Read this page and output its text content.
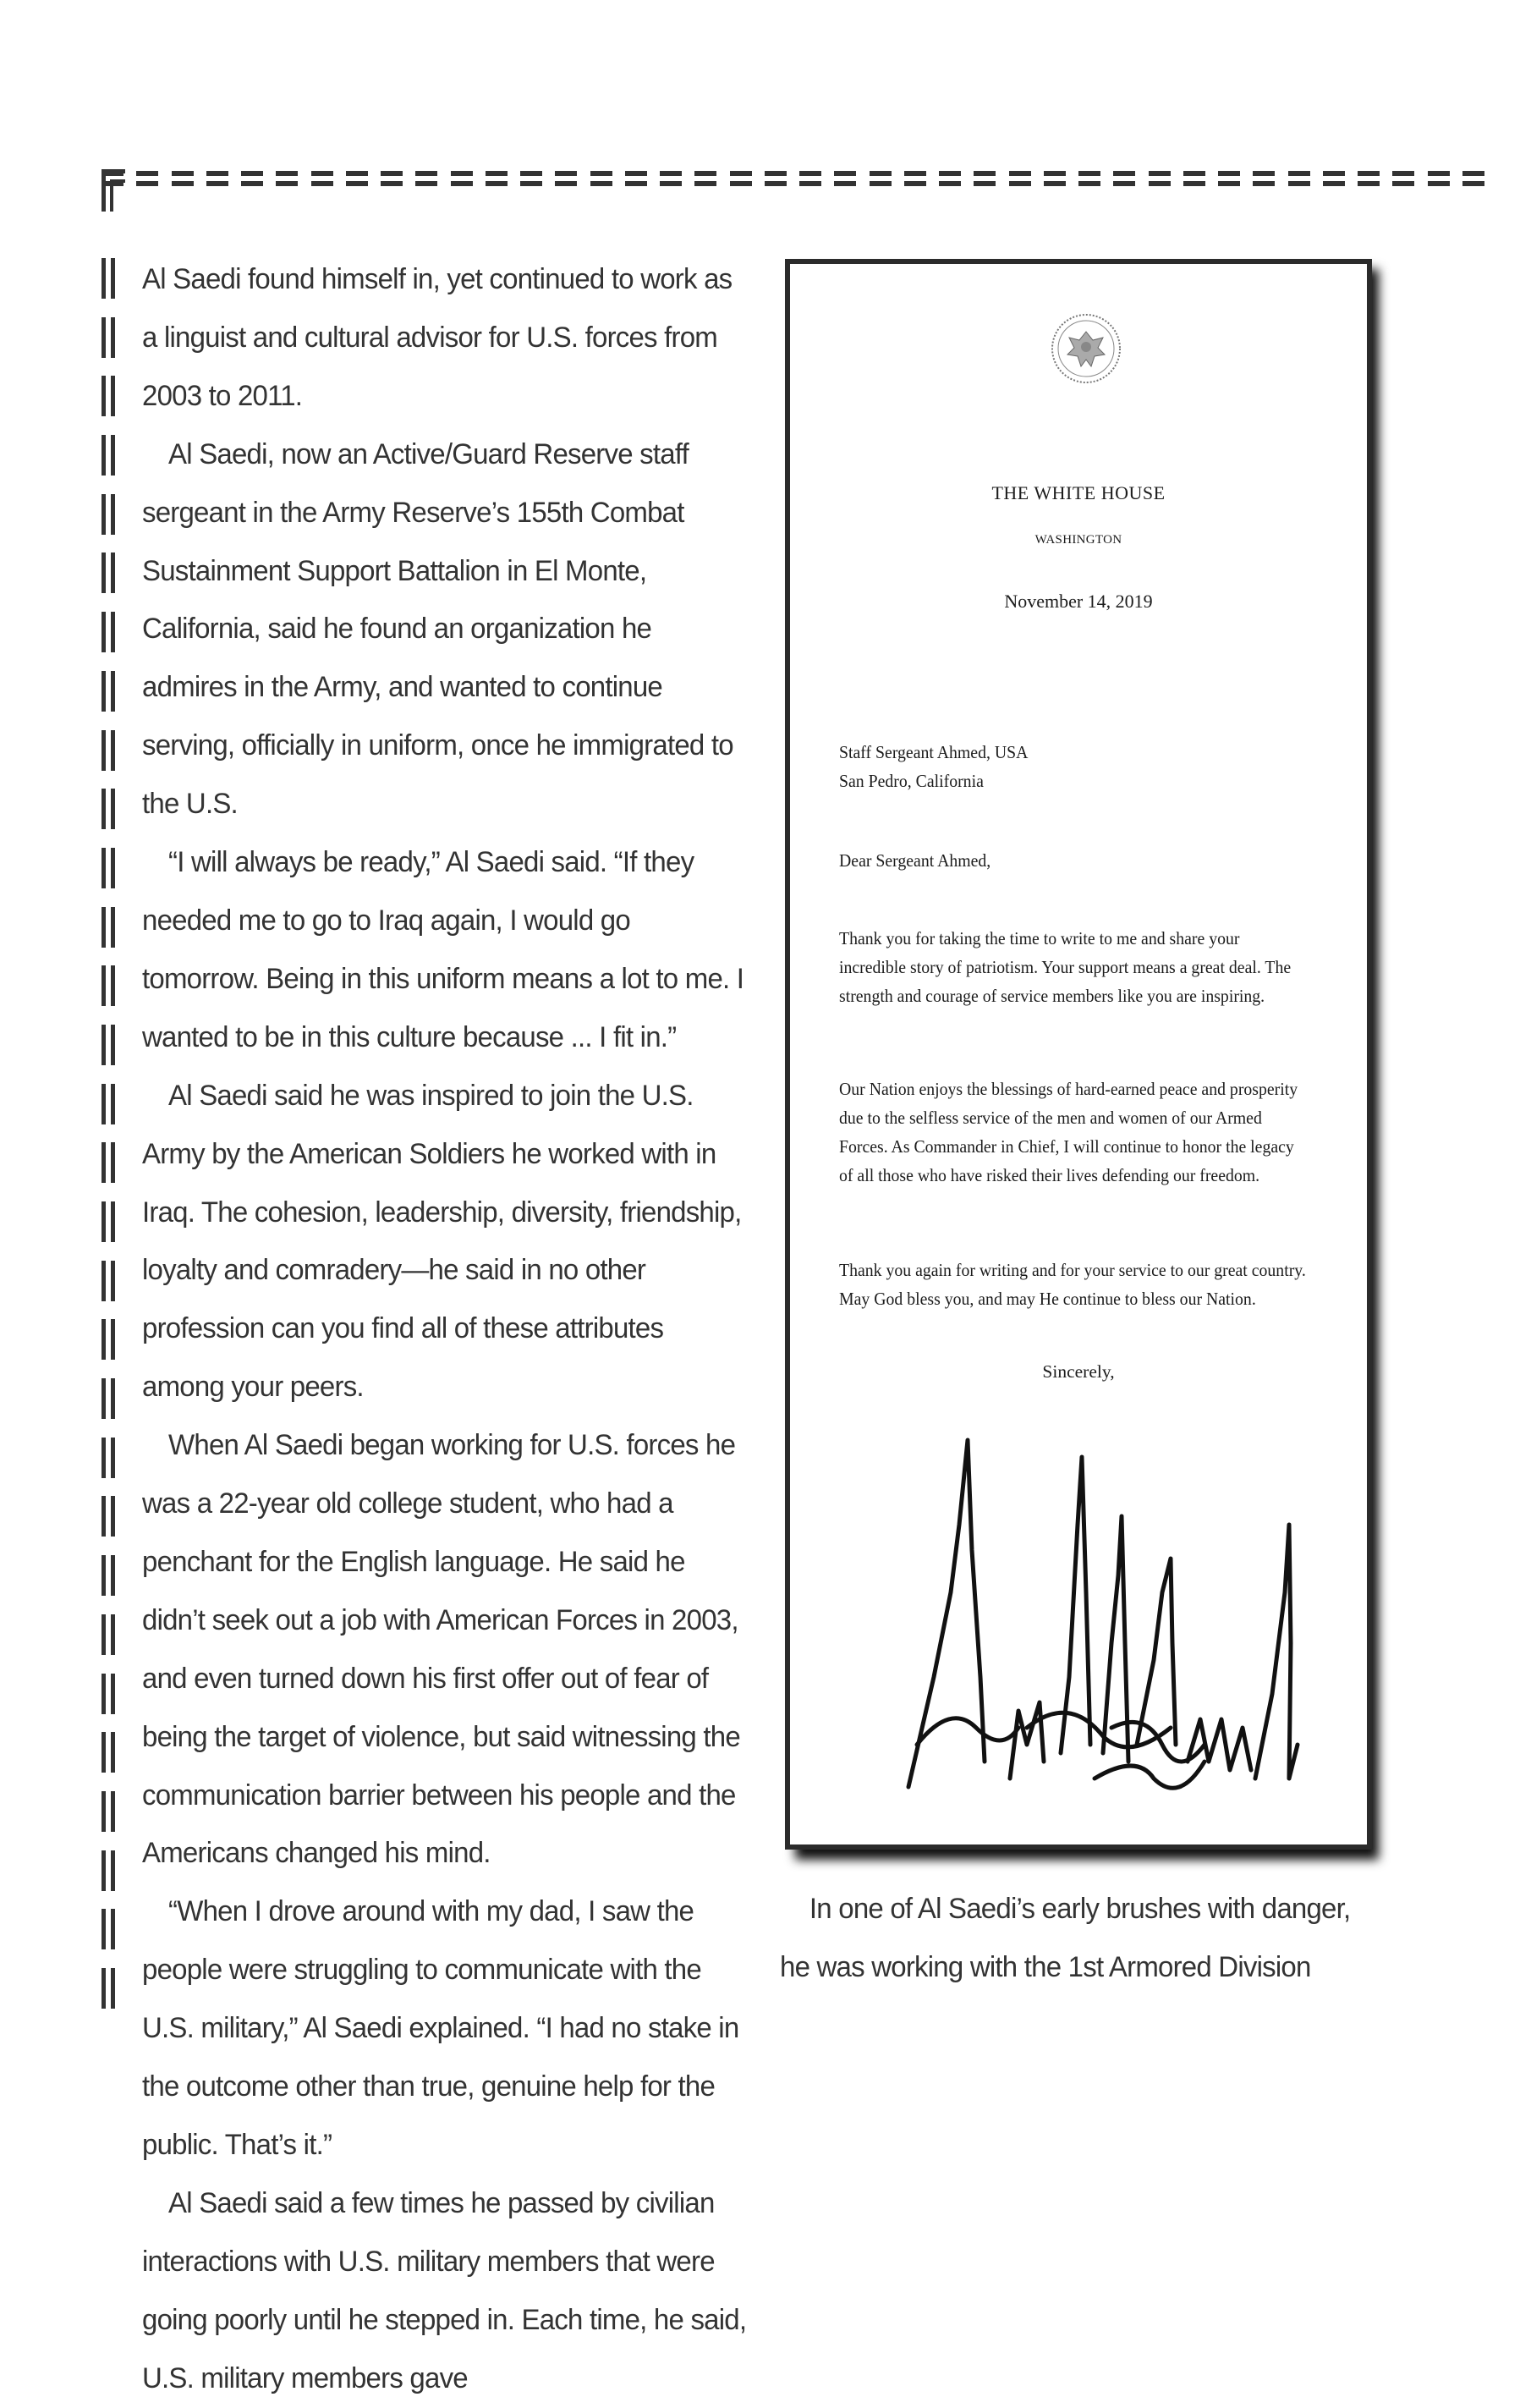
Al Saedi found himself in, yet continued to work as a linguist and cultural advisor for U.S. forces from 2003 to 2011.

Al Saedi, now an Active/Guard Reserve staff sergeant in the Army Reserve’s 155th Combat Sustainment Support Battalion in El Monte, California, said he found an organization he admires in the Army, and wanted to continue serving, officially in uniform, once he immigrated to the U.S.

“I will always be ready,” Al Saedi said. “If they needed me to go to Iraq again, I would go tomorrow. Being in this uniform means a lot to me. I wanted to be in this culture because ... I fit in.”

Al Saedi said he was inspired to join the U.S. Army by the American Soldiers he worked with in Iraq. The cohesion, leadership, diversity, friendship, loyalty and comradery—he said in no other profession can you find all of these attributes among your peers.

When Al Saedi began working for U.S. forces he was a 22-year old college student, who had a penchant for the English language. He said he didn’t seek out a job with American Forces in 2003, and even turned down his first offer out of fear of being the target of violence, but said witnessing the communication barrier between his people and the Americans changed his mind.

“When I drove around with my dad, I saw the people were struggling to communicate with the U.S. military,” Al Saedi explained. “I had no stake in the outcome other than true, genuine help for the public. That’s it.”

Al Saedi said a few times he passed by civilian interactions with U.S. military members that were going poorly until he stepped in. Each time, he said, U.S. military members gave

THE WHITE HOUSE
WASHINGTON
November 14, 2019
Staff Sergeant Ahmed, USA
San Pedro, California
Dear Sergeant Ahmed,
Thank you for taking the time to write to me and share your incredible story of patriotism. Your support means a great deal. The strength and courage of service members like you are inspiring.
Our Nation enjoys the blessings of hard-earned peace and prosperity due to the selfless service of the men and women of our Armed Forces. As Commander in Chief, I will continue to honor the legacy of all those who have risked their lives defending our freedom.
Thank you again for writing and for your service to our great country. May God bless you, and may He continue to bless our Nation.
Sincerely,

In one of Al Saedi’s early brushes with danger, he was working with the 1st Armored Division
